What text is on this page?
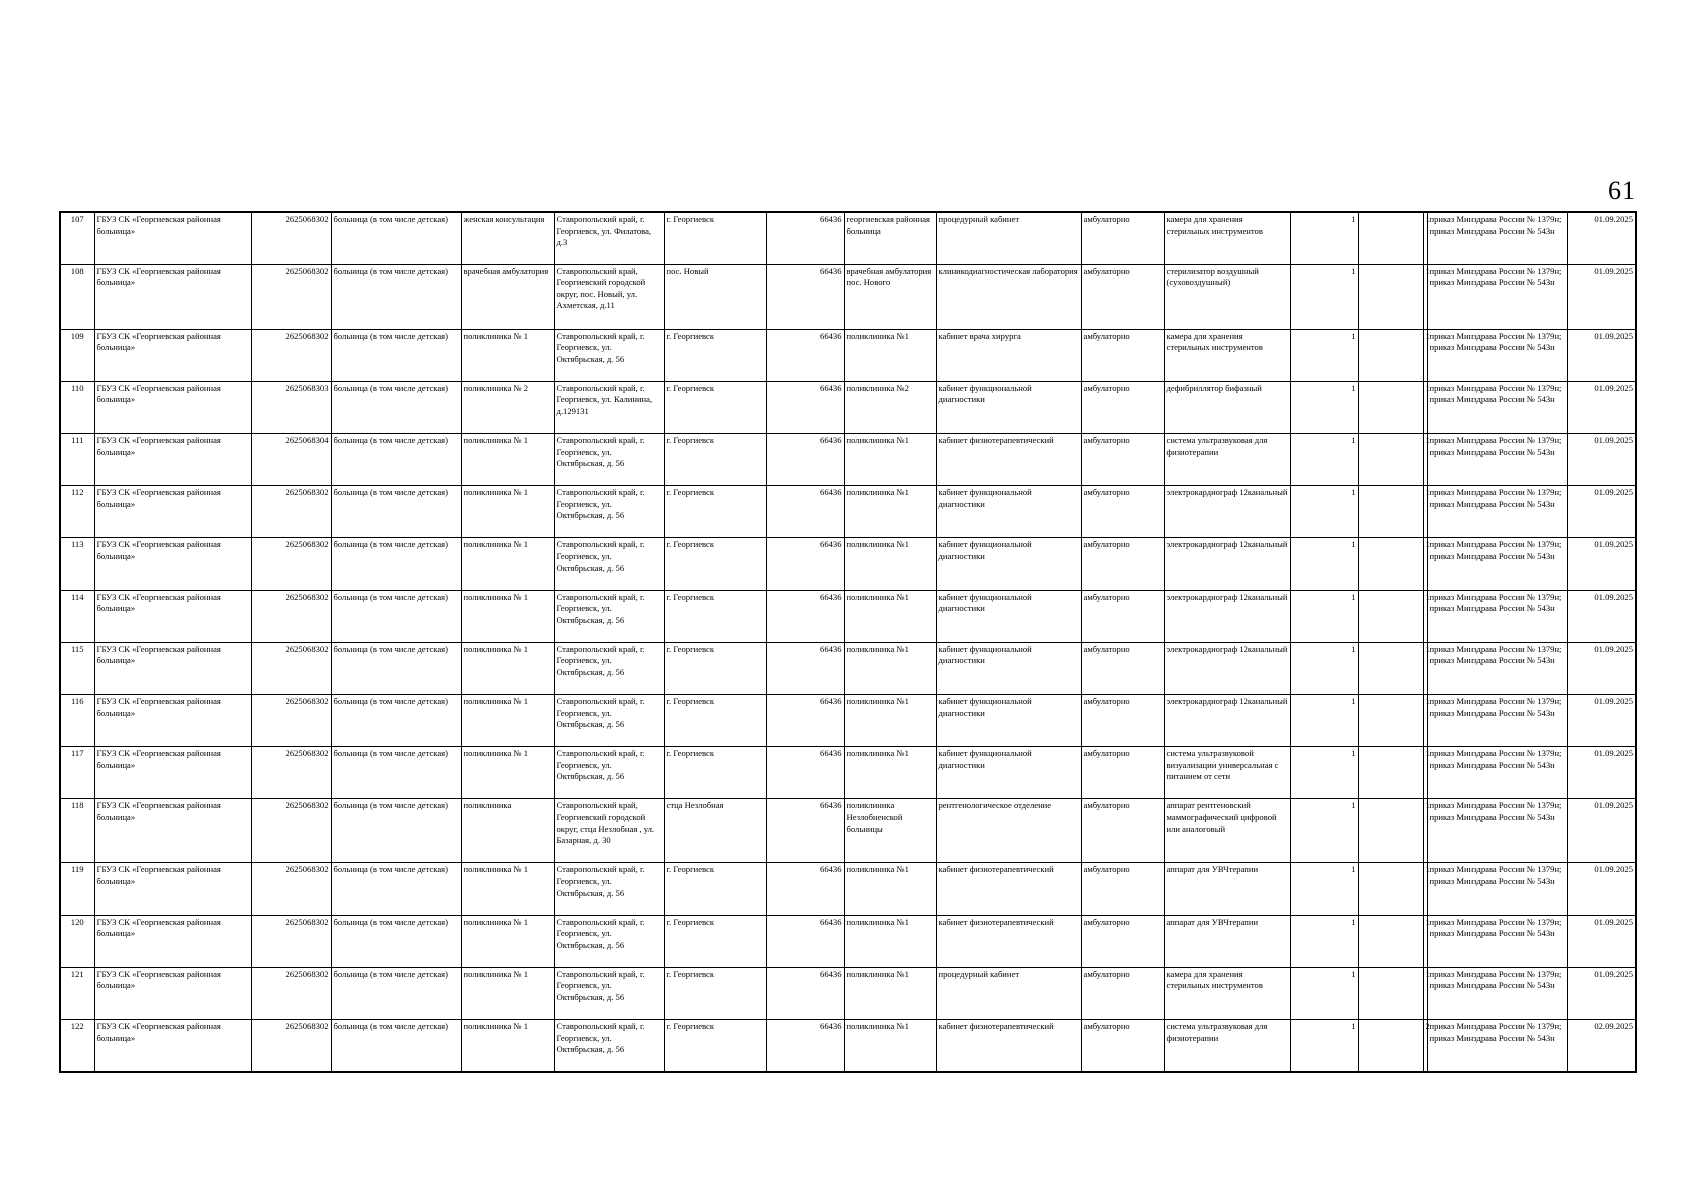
61
107	ГБУЗ СК «Георгиевская районная больница»	2625068302	больница (в том числе детская)	женская консультация	Ставропольский край, г. Георгиевск, ул. Филатова, д.3	г. Георгиевск	66436	георгиевская районная больница	процедурный кабинет	амбулаторно	камера для хранения стерильных инструментов	1		1	приказ Минздрава России № 1379н; приказ Минздрава России № 543н	01.09.2025
108	ГБУЗ СК «Георгиевская районная больница»	2625068302	больница (в том числе детская)	врачебная амбулатория	Ставропольский край, Георгиевский городской округ, пос. Новый, ул. Ахметская, д.11	пос. Новый	66436	врачебная амбулатория пос. Нового	клиникодиагностическая лаборатория	амбулаторно	стерилизатор воздушный (суховоздушный)	1		1	приказ Минздрава России № 1379н; приказ Минздрава России № 543н	01.09.2025
109	ГБУЗ СК «Георгиевская районная больница»	2625068302	больница (в том числе детская)	поликлиника № 1	Ставропольский край, г. Георгиевск, ул. Октябрьская, д. 56	г. Георгиевск	66436	поликлиника №1	кабинет врача хирурга	амбулаторно	камера для хранения стерильных инструментов	1		1	приказ Минздрава России № 1379н; приказ Минздрава России № 543н	01.09.2025
110	ГБУЗ СК «Георгиевская районная больница»	2625068303	больница (в том числе детская)	поликлиника № 2	Ставропольский край, г. Георгиевск, ул. Калинина, д.129131	г. Георгиевск	66436	поликлиника №2	кабинет функциональной диагностики	амбулаторно	дефибриллятор бифазный	1		1	приказ Минздрава России № 1379н; приказ Минздрава России № 543н	01.09.2025
111	ГБУЗ СК «Георгиевская районная больница»	2625068304	больница (в том числе детская)	поликлиника № 1	Ставропольский край, г. Георгиевск, ул. Октябрьская, д. 56	г. Георгиевск	66436	поликлиника №1	кабинет физиотерапевтический	амбулаторно	система ультразвуковая для физиотерапии	1		1	приказ Минздрава России № 1379н; приказ Минздрава России № 543н	01.09.2025
112	ГБУЗ СК «Георгиевская районная больница»	2625068302	больница (в том числе детская)	поликлиника № 1	Ставропольский край, г. Георгиевск, ул. Октябрьская, д. 56	г. Георгиевск	66436	поликлиника №1	кабинет функциональной диагностики	амбулаторно	электрокардиограф 12канальный	1		1	приказ Минздрава России № 1379н; приказ Минздрава России № 543н	01.09.2025
113	ГБУЗ СК «Георгиевская районная больница»	2625068302	больница (в том числе детская)	поликлиника № 1	Ставропольский край, г. Георгиевск, ул. Октябрьская, д. 56	г. Георгиевск	66436	поликлиника №1	кабинет функциональной диагностики	амбулаторно	электрокардиограф 12канальный	1		1	приказ Минздрава России № 1379н; приказ Минздрава России № 543н	01.09.2025
114	ГБУЗ СК «Георгиевская районная больница»	2625068302	больница (в том числе детская)	поликлиника № 1	Ставропольский край, г. Георгиевск, ул. Октябрьская, д. 56	г. Георгиевск	66436	поликлиника №1	кабинет функциональной диагностики	амбулаторно	электрокардиограф 12канальный	1		1	приказ Минздрава России № 1379н; приказ Минздрава России № 543н	01.09.2025
115	ГБУЗ СК «Георгиевская районная больница»	2625068302	больница (в том числе детская)	поликлиника № 1	Ставропольский край, г. Георгиевск, ул. Октябрьская, д. 56	г. Георгиевск	66436	поликлиника №1	кабинет функциональной диагностики	амбулаторно	электрокардиограф 12канальный	1		1	приказ Минздрава России № 1379н; приказ Минздрава России № 543н	01.09.2025
116	ГБУЗ СК «Георгиевская районная больница»	2625068302	больница (в том числе детская)	поликлиника № 1	Ставропольский край, г. Георгиевск, ул. Октябрьская, д. 56	г. Георгиевск	66436	поликлиника №1	кабинет функциональной диагностики	амбулаторно	электрокардиограф 12канальный	1		1	приказ Минздрава России № 1379н; приказ Минздрава России № 543н	01.09.2025
117	ГБУЗ СК «Георгиевская районная больница»	2625068302	больница (в том числе детская)	поликлиника № 1	Ставропольский край, г. Георгиевск, ул. Октябрьская, д. 56	г. Георгиевск	66436	поликлиника №1	кабинет функциональной диагностики	амбулаторно	система ультразвуковой визуализации универсальная с питанием от сети	1		1	приказ Минздрава России № 1379н; приказ Минздрава России № 543н	01.09.2025
118	ГБУЗ СК «Георгиевская районная больница»	2625068302	больница (в том числе детская)	поликлиника	Ставропольский край, Георгиевский городской округ, стца Незлобная , ул. Базарная, д. 30	стца Незлобная	66436	поликлиника Незлобненской больницы	рентгенологическое отделение	амбулаторно	аппарат рентгеновский маммографический цифровой или аналоговый	1		1	приказ Минздрава России № 1379н; приказ Минздрава России № 543н	01.09.2025
119	ГБУЗ СК «Георгиевская районная больница»	2625068302	больница (в том числе детская)	поликлиника № 1	Ставропольский край, г. Георгиевск, ул. Октябрьская, д. 56	г. Георгиевск	66436	поликлиника №1	кабинет физиотерапевтический	амбулаторно	аппарат для УВЧтерапии	1		1	приказ Минздрава России № 1379н; приказ Минздрава России № 543н	01.09.2025
120	ГБУЗ СК «Георгиевская районная больница»	2625068302	больница (в том числе детская)	поликлиника № 1	Ставропольский край, г. Георгиевск, ул. Октябрьская, д. 56	г. Георгиевск	66436	поликлиника №1	кабинет физиотерапевтический	амбулаторно	аппарат для УВЧтерапии	1		1	приказ Минздрава России № 1379н; приказ Минздрава России № 543н	01.09.2025
121	ГБУЗ СК «Георгиевская районная больница»	2625068302	больница (в том числе детская)	поликлиника № 1	Ставропольский край, г. Георгиевск, ул. Октябрьская, д. 56	г. Георгиевск	66436	поликлиника №1	процедурный кабинет	амбулаторно	камера для хранения стерильных инструментов	1		1	приказ Минздрава России № 1379н; приказ Минздрава России № 543н	01.09.2025
122	ГБУЗ СК «Георгиевская районная больница»	2625068302	больница (в том числе детская)	поликлиника № 1	Ставропольский край, г. Георгиевск, ул. Октябрьская, д. 56	г. Георгиевск	66436	поликлиника №1	кабинет физиотерапевтический	амбулаторно	система ультразвуковая для физиотерапии	1		2	приказ Минздрава России № 1379н; приказ Минздрава России № 543н	02.09.2025
